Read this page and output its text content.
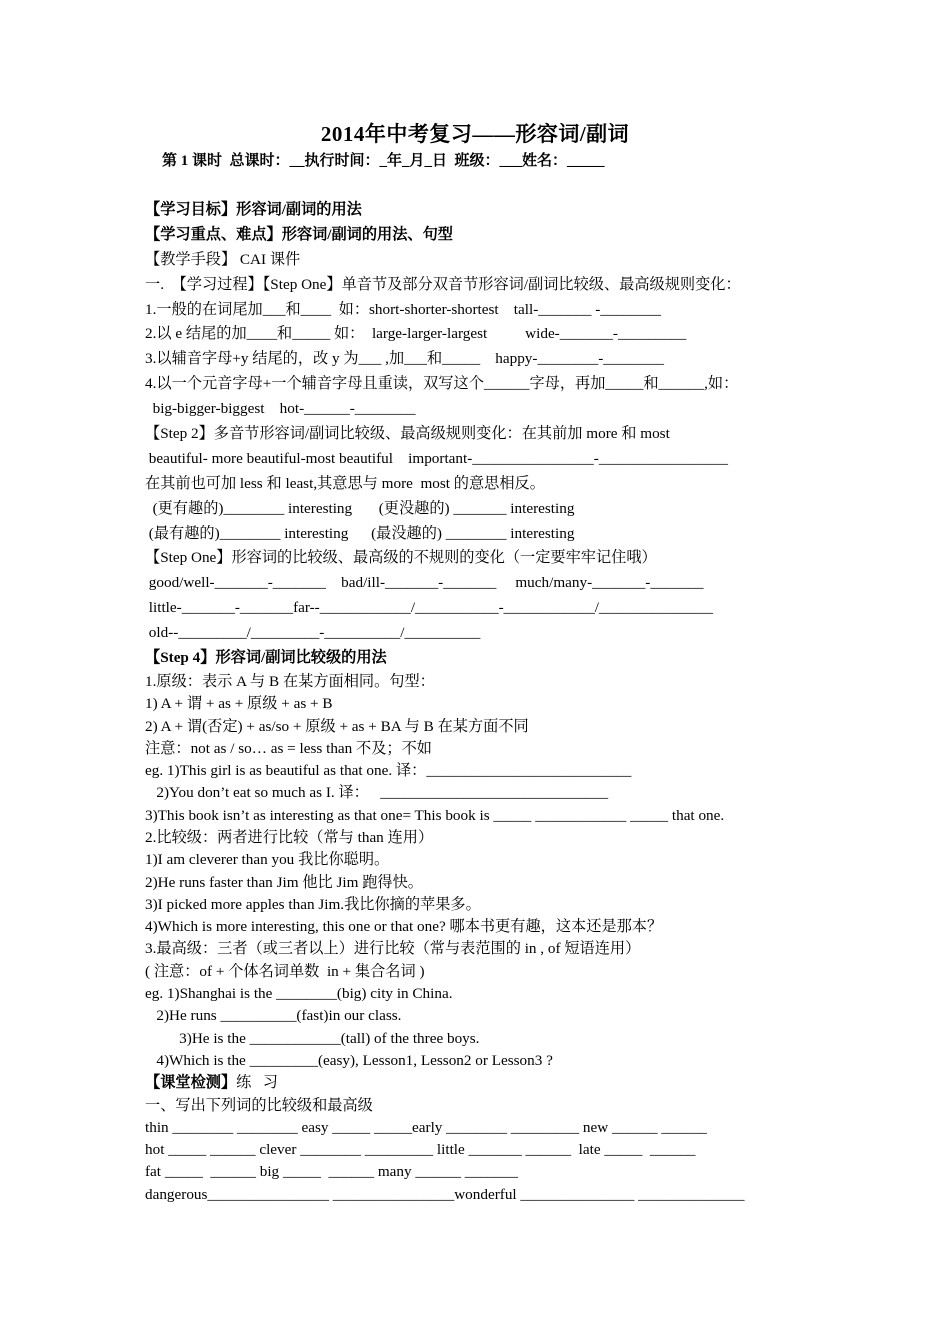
2014年中考复习——形容词/副词
第 1 课时  总课时：__执行时间：_年_月_日  班级：___姓名：_____
【学习目标】形容词/副词的用法
【学习重点、难点】形容词/副词的用法、句型
【教学手段】 CAI 课件
一.  【学习过程】【Step One】单音节及部分双音节形容词/副词比较级、最高级规则变化：
1.一般的在词尾加___和____  如：short-shorter-shortest    tall-_______ -________
2.以 e 结尾的加____和_____ 如：  large-larger-largest          wide-_______-_________
3.以辅音字母+y 结尾的，改 y 为___ ,加___和_____    happy-________-________
4.以一个元音字母+一个辅音字母且重读，双写这个______字母，再加_____和______,如：
big-bigger-biggest    hot-______-________
【Step 2】多音节形容词/副词比较级、最高级规则变化：在其前加 more 和 most
beautiful- more beautiful-most beautiful    important-________________-_________________
在其前也可加 less 和 least,其意思与 more  most 的意思相反。
(更有趣的)________ interesting       (更没趣的) _______ interesting
(最有趣的)________ interesting      (最没趣的) ________ interesting
【Step One】形容词的比较级、最高级的不规则的变化（一定要牢牢记住哦）
good/well-_______-_______    bad/ill-_______-_______     much/many-_______-_______
little-_______-_______far--____________/___________-____________/_______________
old--_________/_________-__________/__________
【Step 4】形容词/副词比较级的用法
1.原级：表示 A 与 B 在某方面相同。句型：
1) A + 谓 + as + 原级 + as + B
2) A + 谓(否定) + as/so + 原级 + as + BA 与 B 在某方面不同
注意：not as / so… as = less than 不及；不如
eg. 1)This girl is as beautiful as that one. 译：___________________________
2)You don’t eat so much as I. 译：   ______________________________
3)This book isn’t as interesting as that one= This book is _____ ____________ _____ that one.
2.比较级：两者进行比较（常与 than 连用）
1)I am cleverer than you 我比你聪明。
2)He runs faster than Jim 他比 Jim 跑得快。
3)I picked more apples than Jim.我比你摘的苹果多。
4)Which is more interesting, this one or that one? 哪本书更有趣，这本还是那本？
3.最高级：三者（或三者以上）进行比较（常与表范围的 in , of 短语连用）
( 注意：of + 个体名词单数  in + 集合名词 )
eg. 1)Shanghai is the ________(big) city in China.
2)He runs __________(fast)in our class.
3)He is the ____________(tall) of the three boys.
4)Which is the _________(easy), Lesson1, Lesson2 or Lesson3 ?
【课堂检测】练   习
一、写出下列词的比较级和最高级
thin ________ ________ easy _____ _____early ________ _________ new ______ ______
hot _____ ______ clever ________ _________ little _______ ______  late _____  ______
fat _____  ______ big _____  ______ many ______ _______
dangerous________________ ________________wonderful _______________ ______________
